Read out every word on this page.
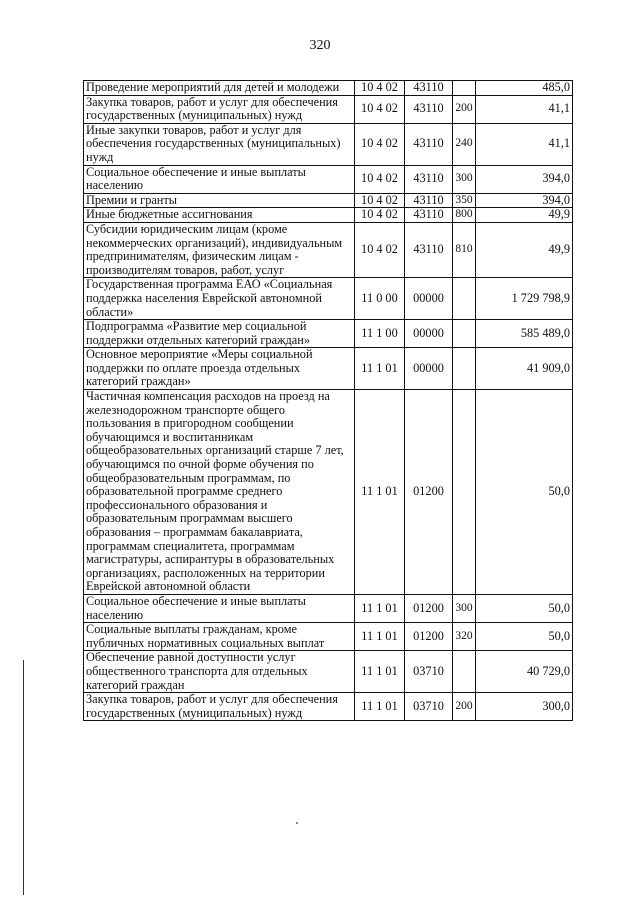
320
Проведение мероприятий для детей и молодежи	10 4 02	43110		485,0
Закупка товаров, работ и услуг для обеспечения государственных (муниципальных) нужд	10 4 02	43110	200	41,1
Иные закупки товаров, работ и услуг для обеспечения государственных (муниципальных) нужд	10 4 02	43110	240	41,1
Социальное обеспечение и иные выплаты населению	10 4 02	43110	300	394,0
Премии и гранты	10 4 02	43110	350	394,0
Иные бюджетные ассигнования	10 4 02	43110	800	49,9
Субсидии юридическим лицам (кроме некоммерческих организаций), индивидуальным предпринимателям, физическим лицам - производителям товаров, работ, услуг	10 4 02	43110	810	49,9
Государственная программа ЕАО «Социальная поддержка населения Еврейской автономной области»	11 0 00	00000		1 729 798,9
Подпрограмма «Развитие мер социальной поддержки отдельных категорий граждан»	11 1 00	00000		585 489,0
Основное мероприятие «Меры социальной поддержки по оплате проезда отдельных категорий граждан»	11 1 01	00000		41 909,0
Частичная компенсация расходов на проезд на железнодорожном транспорте общего пользования в пригородном сообщении обучающимся и воспитанникам общеобразовательных организаций старше 7 лет, обучающимся по очной форме обучения по общеобразовательным программам, по образовательной программе среднего профессионального образования и образовательным программам высшего образования – программам бакалавриата, программам специалитета, программам магистратуры, аспирантуры в образовательных организациях, расположенных на территории Еврейской автономной области	11 1 01	01200		50,0
Социальное обеспечение и иные выплаты населению	11 1 01	01200	300	50,0
Социальные выплаты гражданам, кроме публичных нормативных социальных выплат	11 1 01	01200	320	50,0
Обеспечение равной доступности услуг общественного транспорта для отдельных категорий граждан	11 1 01	03710		40 729,0
Закупка товаров, работ и услуг для обеспечения государственных (муниципальных) нужд	11 1 01	03710	200	300,0
